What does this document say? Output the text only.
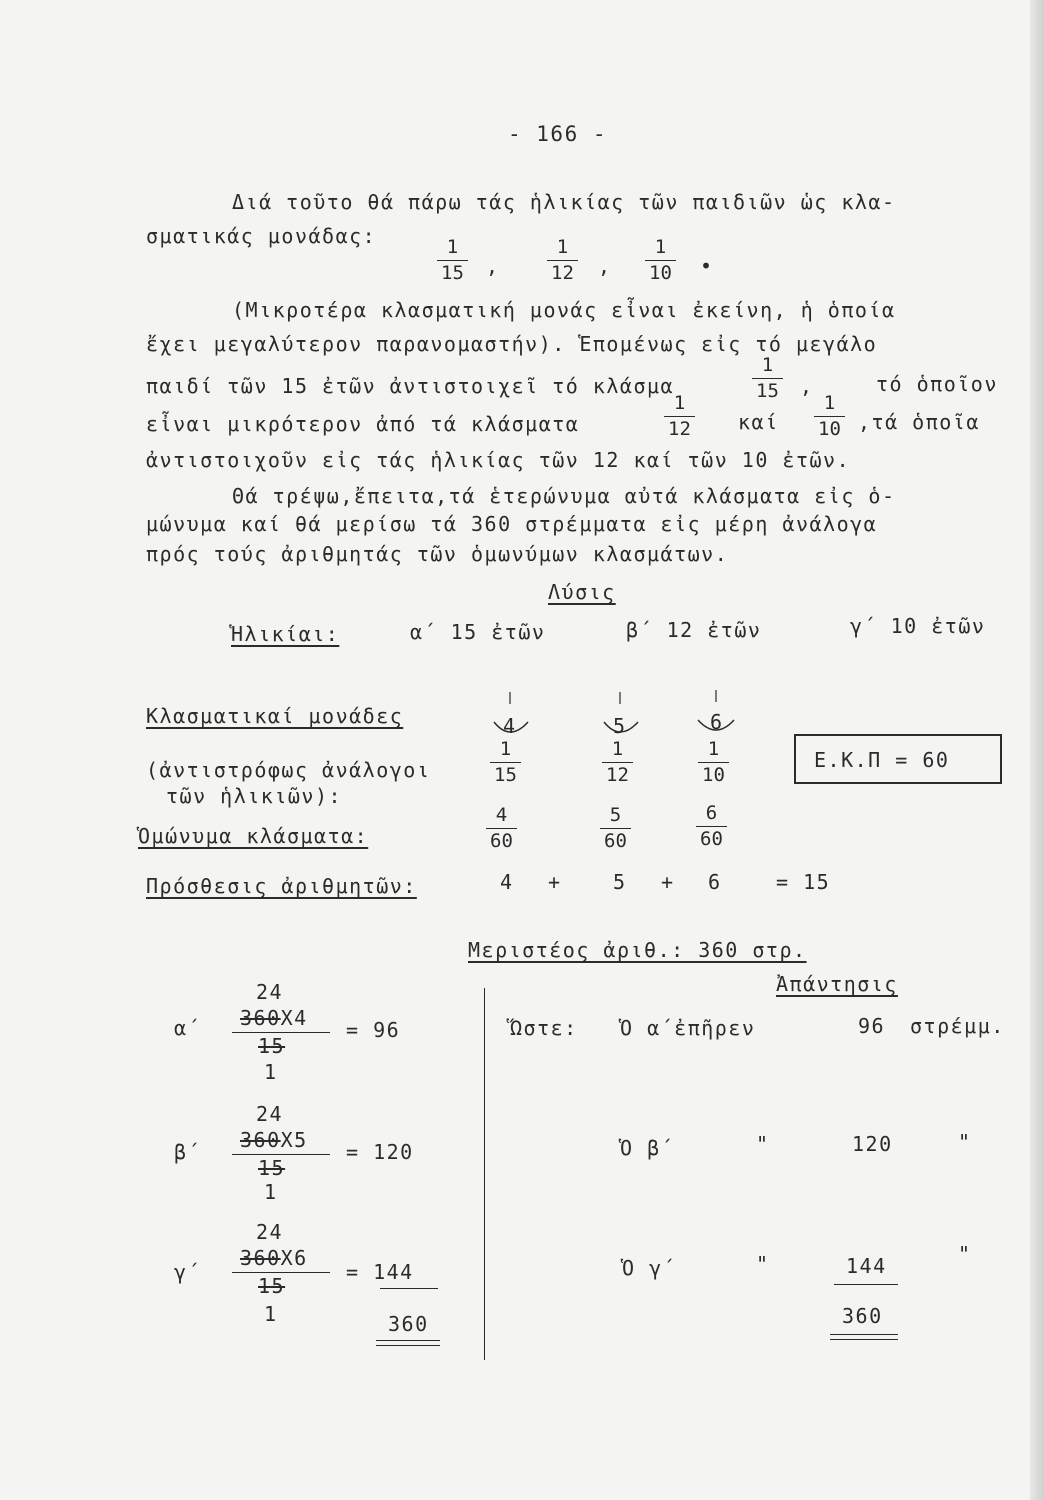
- 166 -
Διά τοῦτο θά πάρω τάς ἡλικίας τῶν παιδιῶν ὡς κλα-
σματικάς μονάδας:
$\frac{1}{15}$ , $\frac{1}{12}$ , $\frac{1}{10}$ •
(Μικροτέρα κλασματική μονάς εἶναι ἐκείνη, ἡ ὁποία
ἔχει μεγαλύτερον παρανομαστήν). Ἑπομένως εἰς τό μεγάλο
παιδί τῶν 15 ἐτῶν ἀντιστοιχεῖ τό κλάσμα	$\frac{1}{15}$ ,	τό ὁποῖον
εἶναι μικρότερον ἀπό τά κλάσματα	$\frac{1}{12}$ καί $\frac{1}{10} ,\tau ά$ ὁποῖα
ἀντιστοιχοῦν εἰς τάς ἡλικίας τῶν 12 καί τῶν 10 ἐτῶν.
Θά τρέψω,ἔπειτα,τά ἑτερώνυμα αὐτά κλάσματα εἰς ὁ-
μώνυμα καί θά μερίσω τά 360 στρέμματα εἰς μέρη ἀνάλογα
πρός τούς ἀριθμητάς τῶν ὁμωνύμων κλασμάτων.
Λύσις
Ἡλικίαι:	α΄ 15 ἐτῶν	β΄ 12 ἐτῶν	γ΄ 10 ἐτῶν
Κλασματικαί μονάδες
(ἀντιστρόφως ἀνάλογοι
τῶν ἡλικιῶν):
4	5	6
$\frac{1}{15}$	$\frac{1}{12}$	$\frac{1}{10}$	Ε.Κ.Π = 60
Ὁμώνυμα κλάσματα:	$\frac{4}{60}$	$\frac{5}{60}$	$\frac{6}{60}$
Πρόσθεσις ἀριθμητῶν:	4 +	5 + 6	= 15
Μεριστέος ἀριθ.: 360 στρ.
Ἀπάντησις
α΄
24
360X4
15
1
= 96
β΄
24
360X5
15
1
= 120
γ΄
24
360X6
15
1
= 144
360
Ὥστε: Ὁ α΄ἐπῆρεν	96 στρέμμ.
Ὁ β΄	"	120	"
Ὁ γ΄	"	144	"
360
